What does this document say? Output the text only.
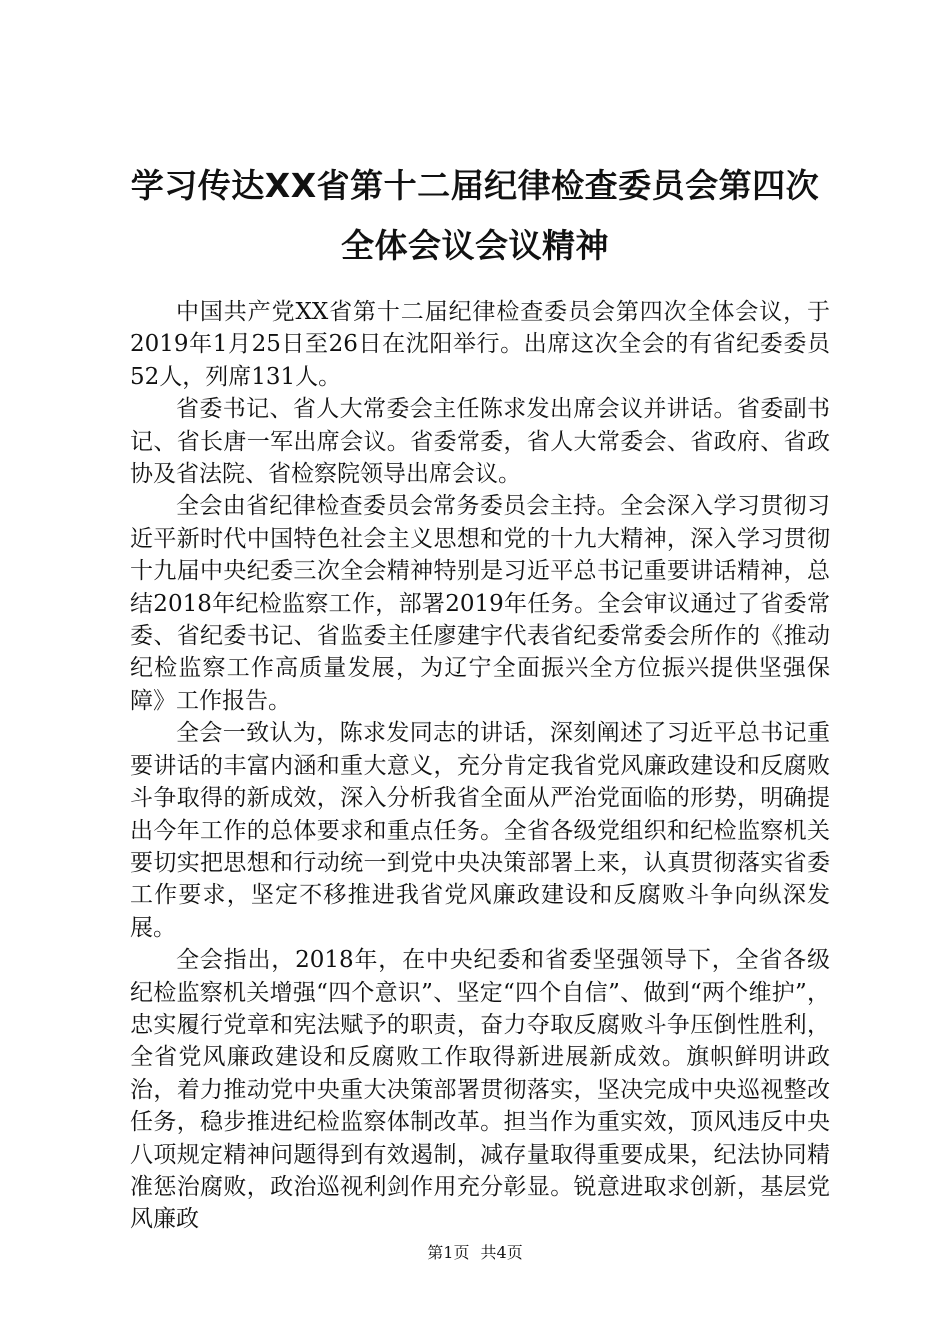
学习传达XX省第十二届纪律检查委员会第四次全体会议会议精神

中国共产党XX省第十二届纪律检查委员会第四次全体会议，于2019年1月25日至26日在沈阳举行。出席这次全会的有省纪委委员52人，列席131人。

省委书记、省人大常委会主任陈求发出席会议并讲话。省委副书记、省长唐一军出席会议。省委常委，省人大常委会、省政府、省政协及省法院、省检察院领导出席会议。

全会由省纪律检查委员会常务委员会主持。全会深入学习贯彻习近平新时代中国特色社会主义思想和党的十九大精神，深入学习贯彻十九届中央纪委三次全会精神特别是习近平总书记重要讲话精神，总结2018年纪检监察工作，部署2019年任务。全会审议通过了省委常委、省纪委书记、省监委主任廖建宇代表省纪委常委会所作的《推动纪检监察工作高质量发展，为辽宁全面振兴全方位振兴提供坚强保障》工作报告。

全会一致认为，陈求发同志的讲话，深刻阐述了习近平总书记重要讲话的丰富内涵和重大意义，充分肯定我省党风廉政建设和反腐败斗争取得的新成效，深入分析我省全面从严治党面临的形势，明确提出今年工作的总体要求和重点任务。全省各级党组织和纪检监察机关要切实把思想和行动统一到党中央决策部署上来，认真贯彻落实省委工作要求，坚定不移推进我省党风廉政建设和反腐败斗争向纵深发展。

全会指出，2018年，在中央纪委和省委坚强领导下，全省各级纪检监察机关增强“四个意识”、坚定“四个自信”、做到“两个维护”，忠实履行党章和宪法赋予的职责，奋力夺取反腐败斗争压倒性胜利，全省党风廉政建设和反腐败工作取得新进展新成效。旗帜鲜明讲政治，着力推动党中央重大决策部署贯彻落实，坚决完成中央巡视整改任务，稳步推进纪检监察体制改革。担当作为重实效，顶风违反中央八项规定精神问题得到有效遏制，减存量取得重要成果，纪法协同精准惩治腐败，政治巡视利剑作用充分彰显。锐意进取求创新，基层党风廉政

第1页 共4页
